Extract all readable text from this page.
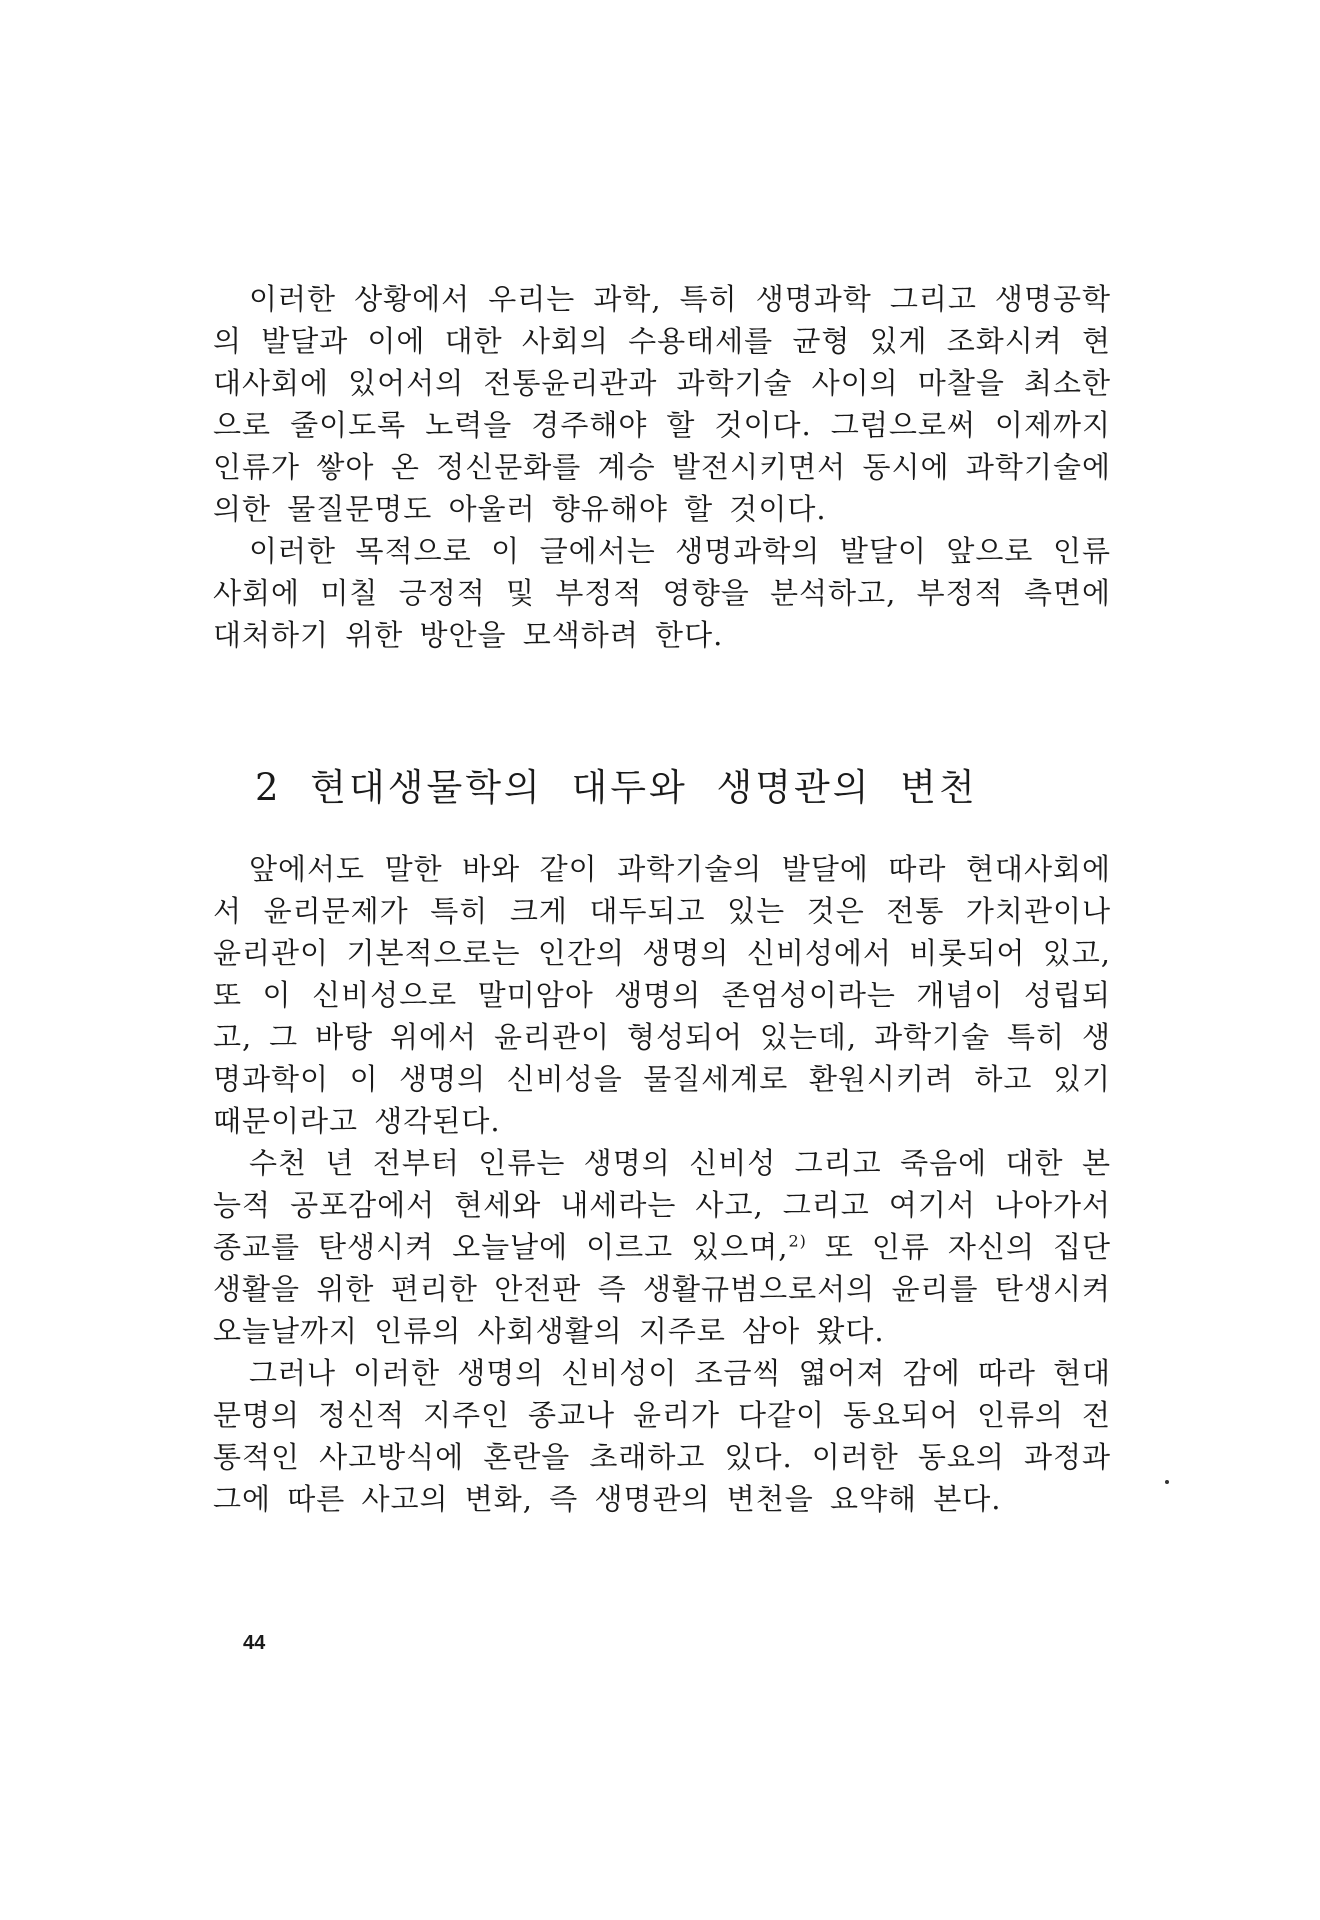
이러한 상황에서 우리는 과학, 특히 생명과학 그리고 생명공학의 발달과 이에 대한 사회의 수용태세를 균형 있게 조화시켜 현대사회에 있어서의 전통윤리관과 과학기술 사이의 마찰을 최소한으로 줄이도록 노력을 경주해야 할 것이다. 그럼으로써 이제까지 인류가 쌓아 온 정신문화를 계승 발전시키면서 동시에 과학기술에 의한 물질문명도 아울러 향유해야 할 것이다.

이러한 목적으로 이 글에서는 생명과학의 발달이 앞으로 인류사회에 미칠 긍정적 및 부정적 영향을 분석하고, 부정적 측면에 대처하기 위한 방안을 모색하려 한다.

2 현대생물학의 대두와 생명관의 변천

앞에서도 말한 바와 같이 과학기술의 발달에 따라 현대사회에서 윤리문제가 특히 크게 대두되고 있는 것은 전통 가치관이나 윤리관이 기본적으로는 인간의 생명의 신비성에서 비롯되어 있고, 또 이 신비성으로 말미암아 생명의 존엄성이라는 개념이 성립되고, 그 바탕 위에서 윤리관이 형성되어 있는데, 과학기술 특히 생명과학이 이 생명의 신비성을 물질세계로 환원시키려 하고 있기 때문이라고 생각된다.

수천 년 전부터 인류는 생명의 신비성 그리고 죽음에 대한 본능적 공포감에서 현세와 내세라는 사고, 그리고 여기서 나아가서 종교를 탄생시켜 오늘날에 이르고 있으며,$^{2)}$ 또 인류 자신의 집단생활을 위한 편리한 안전판 즉 생활규범으로서의 윤리를 탄생시켜 오늘날까지 인류의 사회생활의 지주로 삼아 왔다.

그러나 이러한 생명의 신비성이 조금씩 엷어져 감에 따라 현대문명의 정신적 지주인 종교나 윤리가 다같이 동요되어 인류의 전통적인 사고방식에 혼란을 초래하고 있다. 이러한 동요의 과정과 그에 따른 사고의 변화, 즉 생명관의 변천을 요약해 본다.

44
